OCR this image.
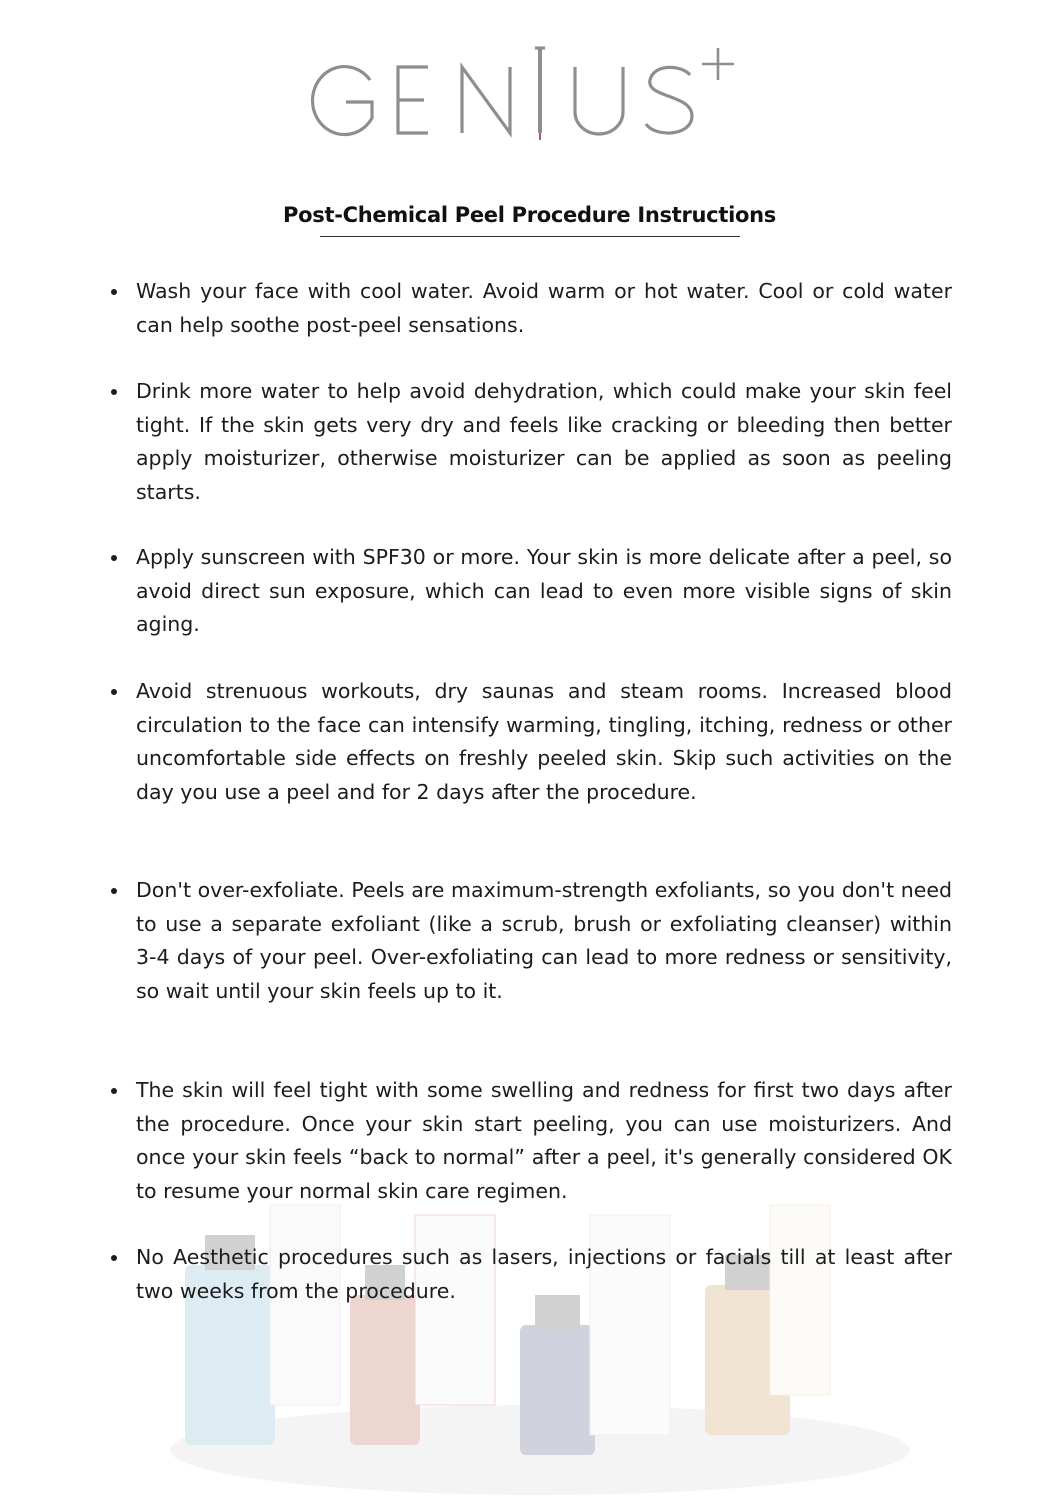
Post-Chemical Peel Procedure Instructions
Wash your face with cool water. Avoid warm or hot water. Cool or cold water can help soothe post-peel sensations.
Drink more water to help avoid dehydration, which could make your skin feel tight. If the skin gets very dry and feels like cracking or bleeding then better apply moisturizer, otherwise moisturizer can be applied as soon as peeling starts.
Apply sunscreen with SPF30 or more. Your skin is more delicate after a peel, so avoid direct sun exposure, which can lead to even more visible signs of skin aging.
Avoid strenuous workouts, dry saunas and steam rooms. Increased blood circulation to the face can intensify warming, tingling, itching, redness or other uncomfortable side effects on freshly peeled skin. Skip such activities on the day you use a peel and for 2 days after the procedure.
Don't over-exfoliate. Peels are maximum-strength exfoliants, so you don't need to use a separate exfoliant (like a scrub, brush or exfoliating cleanser) within 3-4 days of your peel. Over-exfoliating can lead to more redness or sensitivity, so wait until your skin feels up to it.
The skin will feel tight with some swelling and redness for first two days after the procedure. Once your skin start peeling, you can use moisturizers. And once your skin feels “back to normal” after a peel, it's generally considered OK to resume your normal skin care regimen.
No Aesthetic procedures such as lasers, injections or facials till at least after two weeks from the procedure.
